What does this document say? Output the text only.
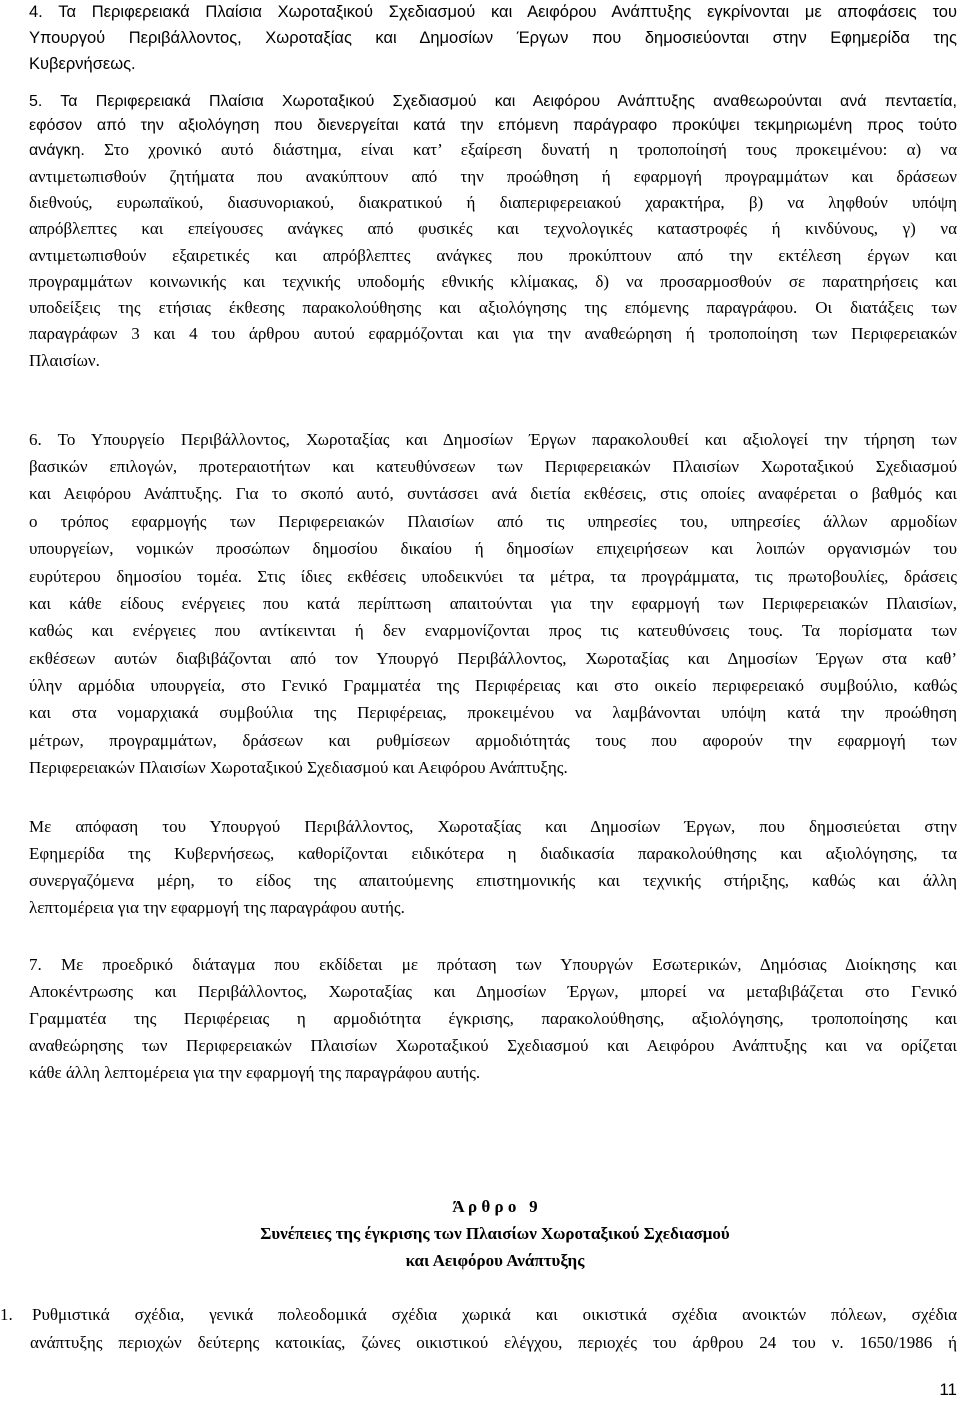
4. Τα Περιφερειακά Πλαίσια Χωροταξικού Σχεδιασμού και Αειφόρου Ανάπτυξης εγκρίνονται με αποφάσεις του

Υπουργού Περιβάλλοντος, Χωροταξίας και Δημοσίων Έργων που δημοσιεύονται στην Εφημερίδα της

Κυβερνήσεως.

5. Τα Περιφερειακά Πλαίσια Χωροταξικού Σχεδιασμού και Αειφόρου Ανάπτυξης αναθεωρούνται ανά πενταετία,

εφόσον από την αξιολόγηση που διενεργείται κατά την επόμενη παράγραφο προκύψει τεκμηριωμένη προς τούτο

ανάγκη. Στο χρονικό αυτό διάστημα, είναι κατ’ εξαίρεση δυνατή η τροποποίησή τους προκειμένου: α) να

αντιμετωπισθούν ζητήματα που ανακύπτουν από την προώθηση ή εφαρμογή προγραμμάτων και δράσεων

διεθνούς, ευρωπαϊκού, διασυνοριακού, διακρατικού ή διαπεριφερειακού χαρακτήρα, β) να ληφθούν υπόψη

απρόβλεπτες και επείγουσες ανάγκες από φυσικές και τεχνολογικές καταστροφές ή κινδύνους, γ) να

αντιμετωπισθούν εξαιρετικές και απρόβλεπτες ανάγκες που προκύπτουν από την εκτέλεση έργων και

προγραμμάτων κοινωνικής και τεχνικής υποδομής εθνικής κλίμακας, δ) να προσαρμοσθούν σε παρατηρήσεις και

υποδείξεις της ετήσιας έκθεσης παρακολούθησης και αξιολόγησης της επόμενης παραγράφου. Οι διατάξεις των

παραγράφων 3 και 4 του άρθρου αυτού εφαρμόζονται και για την αναθεώρηση ή τροποποίηση των Περιφερειακών

Πλαισίων.

6. Το Υπουργείο Περιβάλλοντος, Χωροταξίας και Δημοσίων Έργων παρακολουθεί και αξιολογεί την τήρηση των

βασικών επιλογών, προτεραιοτήτων και κατευθύνσεων των Περιφερειακών Πλαισίων Χωροταξικού Σχεδιασμού

και Αειφόρου Ανάπτυξης. Για το σκοπό αυτό, συντάσσει ανά διετία εκθέσεις, στις οποίες αναφέρεται ο βαθμός και

ο τρόπος εφαρμογής των Περιφερειακών Πλαισίων από τις υπηρεσίες του, υπηρεσίες άλλων αρμοδίων

υπουργείων, νομικών προσώπων δημοσίου δικαίου ή δημοσίων επιχειρήσεων και λοιπών οργανισμών του

ευρύτερου δημοσίου τομέα. Στις ίδιες εκθέσεις υποδεικνύει τα μέτρα, τα προγράμματα, τις πρωτοβουλίες, δράσεις

και κάθε είδους ενέργειες που κατά περίπτωση απαιτούνται για την εφαρμογή των Περιφερειακών Πλαισίων,

καθώς και ενέργειες που αντίκεινται ή δεν εναρμονίζονται προς τις κατευθύνσεις τους. Τα πορίσματα των

εκθέσεων αυτών διαβιβάζονται από τον Υπουργό Περιβάλλοντος, Χωροταξίας και Δημοσίων Έργων στα καθ’

ύλην αρμόδια υπουργεία, στο Γενικό Γραμματέα της Περιφέρειας και στο οικείο περιφερειακό συμβούλιο, καθώς

και στα νομαρχιακά συμβούλια της Περιφέρειας, προκειμένου να λαμβάνονται υπόψη κατά την προώθηση

μέτρων, προγραμμάτων, δράσεων και ρυθμίσεων αρμοδιότητάς τους που αφορούν την εφαρμογή των

Περιφερειακών Πλαισίων Χωροταξικού Σχεδιασμού και Αειφόρου Ανάπτυξης.

Με απόφαση του Υπουργού Περιβάλλοντος, Χωροταξίας και Δημοσίων Έργων, που δημοσιεύεται στην

Εφημερίδα της Κυβερνήσεως, καθορίζονται ειδικότερα η διαδικασία παρακολούθησης και αξιολόγησης, τα

συνεργαζόμενα μέρη, το είδος της απαιτούμενης επιστημονικής και τεχνικής στήριξης, καθώς και άλλη

λεπτομέρεια για την εφαρμογή της παραγράφου αυτής.

7. Με προεδρικό διάταγμα που εκδίδεται με πρόταση των Υπουργών Εσωτερικών, Δημόσιας Διοίκησης και

Αποκέντρωσης και Περιβάλλοντος, Χωροταξίας και Δημοσίων Έργων, μπορεί να μεταβιβάζεται στο Γενικό

Γραμματέα της Περιφέρειας η αρμοδιότητα έγκρισης, παρακολούθησης, αξιολόγησης, τροποποίησης και

αναθεώρησης των Περιφερειακών Πλαισίων Χωροταξικού Σχεδιασμού και Αειφόρου Ανάπτυξης και να ορίζεται

κάθε άλλη λεπτομέρεια για την εφαρμογή της παραγράφου αυτής.

Ά ρ θ ρ ο   9
Συνέπειες της έγκρισης των Πλαισίων Χωροταξικού Σχεδιασμού
και Αειφόρου Ανάπτυξης
1.	Ρυθμιστικά σχέδια, γενικά πολεοδομικά σχέδια χωρικά και οικιστικά σχέδια ανοικτών πόλεων, σχέδια

ανάπτυξης περιοχών δεύτερης κατοικίας, ζώνες οικιστικού ελέγχου, περιοχές του άρθρου 24 του ν. 1650/1986 ή

11
